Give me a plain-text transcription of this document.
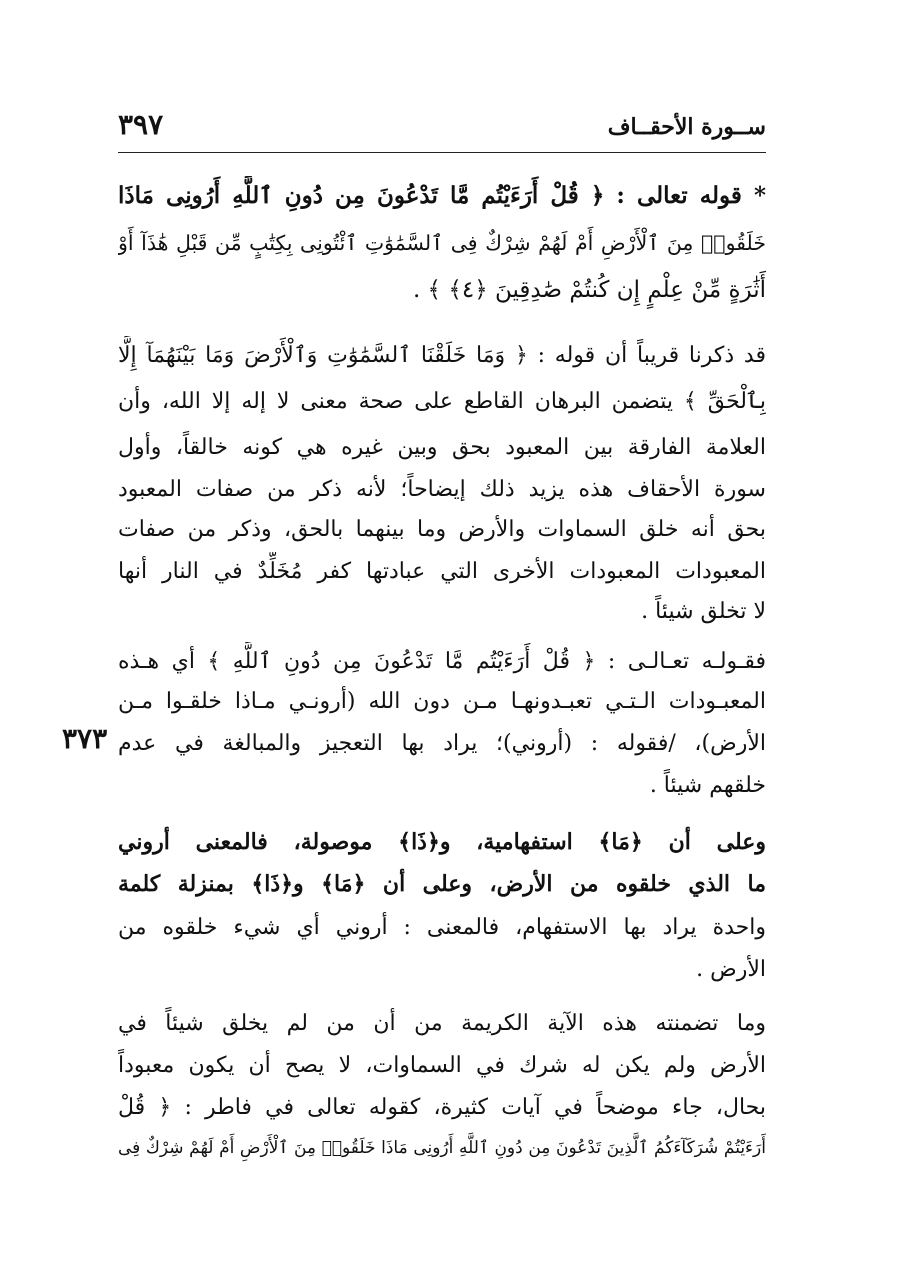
ســورة الأحقــاف
٣٩٧
٣٧٣
* قوله تعالى : ﴿ قُلْ أَرَءَيْتُم مَّا تَدْعُونَ مِن دُونِ ٱللَّهِ أَرُونِى مَاذَا
خَلَقُوا۟ مِنَ ٱلْأَرْضِ أَمْ لَهُمْ شِرْكٌ فِى ٱلسَّمَٰوَٰتِ ٱئْتُونِى بِكِتَٰبٍ مِّن قَبْلِ هَٰذَآ أَوْ
أَثَٰرَةٍ مِّنْ عِلْمٍ إِن كُنتُمْ صَٰدِقِينَ ﴿٤﴾ ﴾ .
قد ذكرنا قريباً أن قوله : ﴿ وَمَا خَلَقْنَا ٱلسَّمَٰوَٰتِ وَٱلْأَرْضَ وَمَا بَيْنَهُمَآ إِلَّا
بِٱلْحَقِّ ﴾ يتضمن البرهان القاطع على صحة معنى لا إله إلا الله، وأن
العلامة الفارقة بين المعبود بحق وبين غيره هي كونه خالقاً، وأول
سورة الأحقاف هذه يزيد ذلك إيضاحاً؛ لأنه ذكر من صفات المعبود
بحق أنه خلق السماوات والأرض وما بينهما بالحق، وذكر من صفات
المعبودات المعبودات الأخرى التي عبادتها كفر مُخَلِّدٌ في النار أنها
لا تخلق شيئاً .
فقـولـه تعـالـى : ﴿ قُلْ أَرَءَيْتُم مَّا تَدْعُونَ مِن دُونِ ٱللَّهِ ﴾ أي هـذه
المعبـودات الـتـي تعبـدونهـا مـن دون الله (أرونـي مـاذا خلقـوا مـن
الأرض)، /فقوله : (أروني)؛ يراد بها التعجيز والمبالغة في عدم
خلقهم شيئاً .
وعلى أن ﴿مَا﴾ استفهامية، و﴿ذَا﴾ موصولة، فالمعنى أروني
ما الذي خلقوه من الأرض، وعلى أن ﴿مَا﴾ و﴿ذَا﴾ بمنزلة كلمة
واحدة يراد بها الاستفهام، فالمعنى : أروني أي شيء خلقوه من
الأرض .
وما تضمنته هذه الآية الكريمة من أن من لم يخلق شيئاً في
الأرض ولم يكن له شرك في السماوات، لا يصح أن يكون معبوداً
بحال، جاء موضحاً في آيات كثيرة، كقوله تعالى في فاطر : ﴿ قُلْ
أَرَءَيْتُمْ شُرَكَآءَكُمُ ٱلَّذِينَ تَدْعُونَ مِن دُونِ ٱللَّهِ أَرُونِى مَاذَا خَلَقُوا۟ مِنَ ٱلْأَرْضِ أَمْ لَهُمْ شِرْكٌ فِى
